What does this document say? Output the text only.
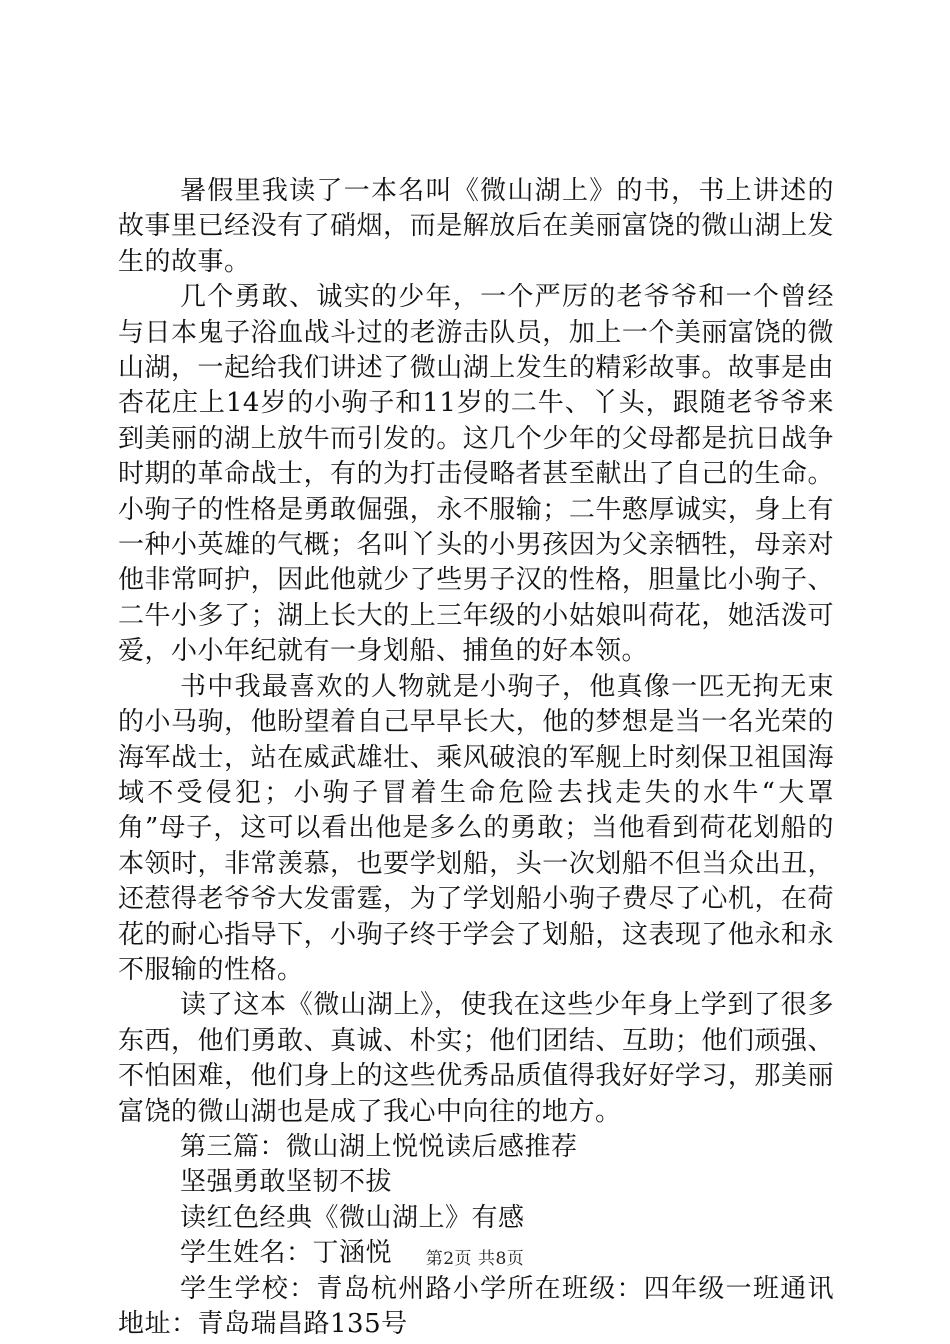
暑假里我读了一本名叫《微山湖上》的书，书上讲述的故事里已经没有了硝烟，而是解放后在美丽富饶的微山湖上发生的故事。

几个勇敢、诚实的少年，一个严厉的老爷爷和一个曾经与日本鬼子浴血战斗过的老游击队员，加上一个美丽富饶的微山湖，一起给我们讲述了微山湖上发生的精彩故事。故事是由杏花庄上14岁的小驹子和11岁的二牛、丫头，跟随老爷爷来到美丽的湖上放牛而引发的。这几个少年的父母都是抗日战争时期的革命战士，有的为打击侵略者甚至献出了自己的生命。小驹子的性格是勇敢倔强，永不服输；二牛憨厚诚实，身上有一种小英雄的气概；名叫丫头的小男孩因为父亲牺牲，母亲对他非常呵护，因此他就少了些男子汉的性格，胆量比小驹子、二牛小多了；湖上长大的上三年级的小姑娘叫荷花，她活泼可爱，小小年纪就有一身划船、捕鱼的好本领。

书中我最喜欢的人物就是小驹子，他真像一匹无拘无束的小马驹，他盼望着自己早早长大，他的梦想是当一名光荣的海军战士，站在威武雄壮、乘风破浪的军舰上时刻保卫祖国海域不受侵犯；小驹子冒着生命危险去找走失的水牛“大罩角”母子，这可以看出他是多么的勇敢；当他看到荷花划船的本领时，非常羡慕，也要学划船，头一次划船不但当众出丑，还惹得老爷爷大发雷霆，为了学划船小驹子费尽了心机，在荷花的耐心指导下，小驹子终于学会了划船，这表现了他永和永不服输的性格。

读了这本《微山湖上》，使我在这些少年身上学到了很多东西，他们勇敢、真诚、朴实；他们团结、互助；他们顽强、不怕困难，他们身上的这些优秀品质值得我好好学习，那美丽富饶的微山湖也是成了我心中向往的地方。

第三篇：微山湖上悦悦读后感推荐

坚强勇敢坚韧不拔

读红色经典《微山湖上》有感

学生姓名：丁涵悦

学生学校：青岛杭州路小学所在班级：四年级一班通讯地址：青岛瑞昌路135号

第2页 共8页
